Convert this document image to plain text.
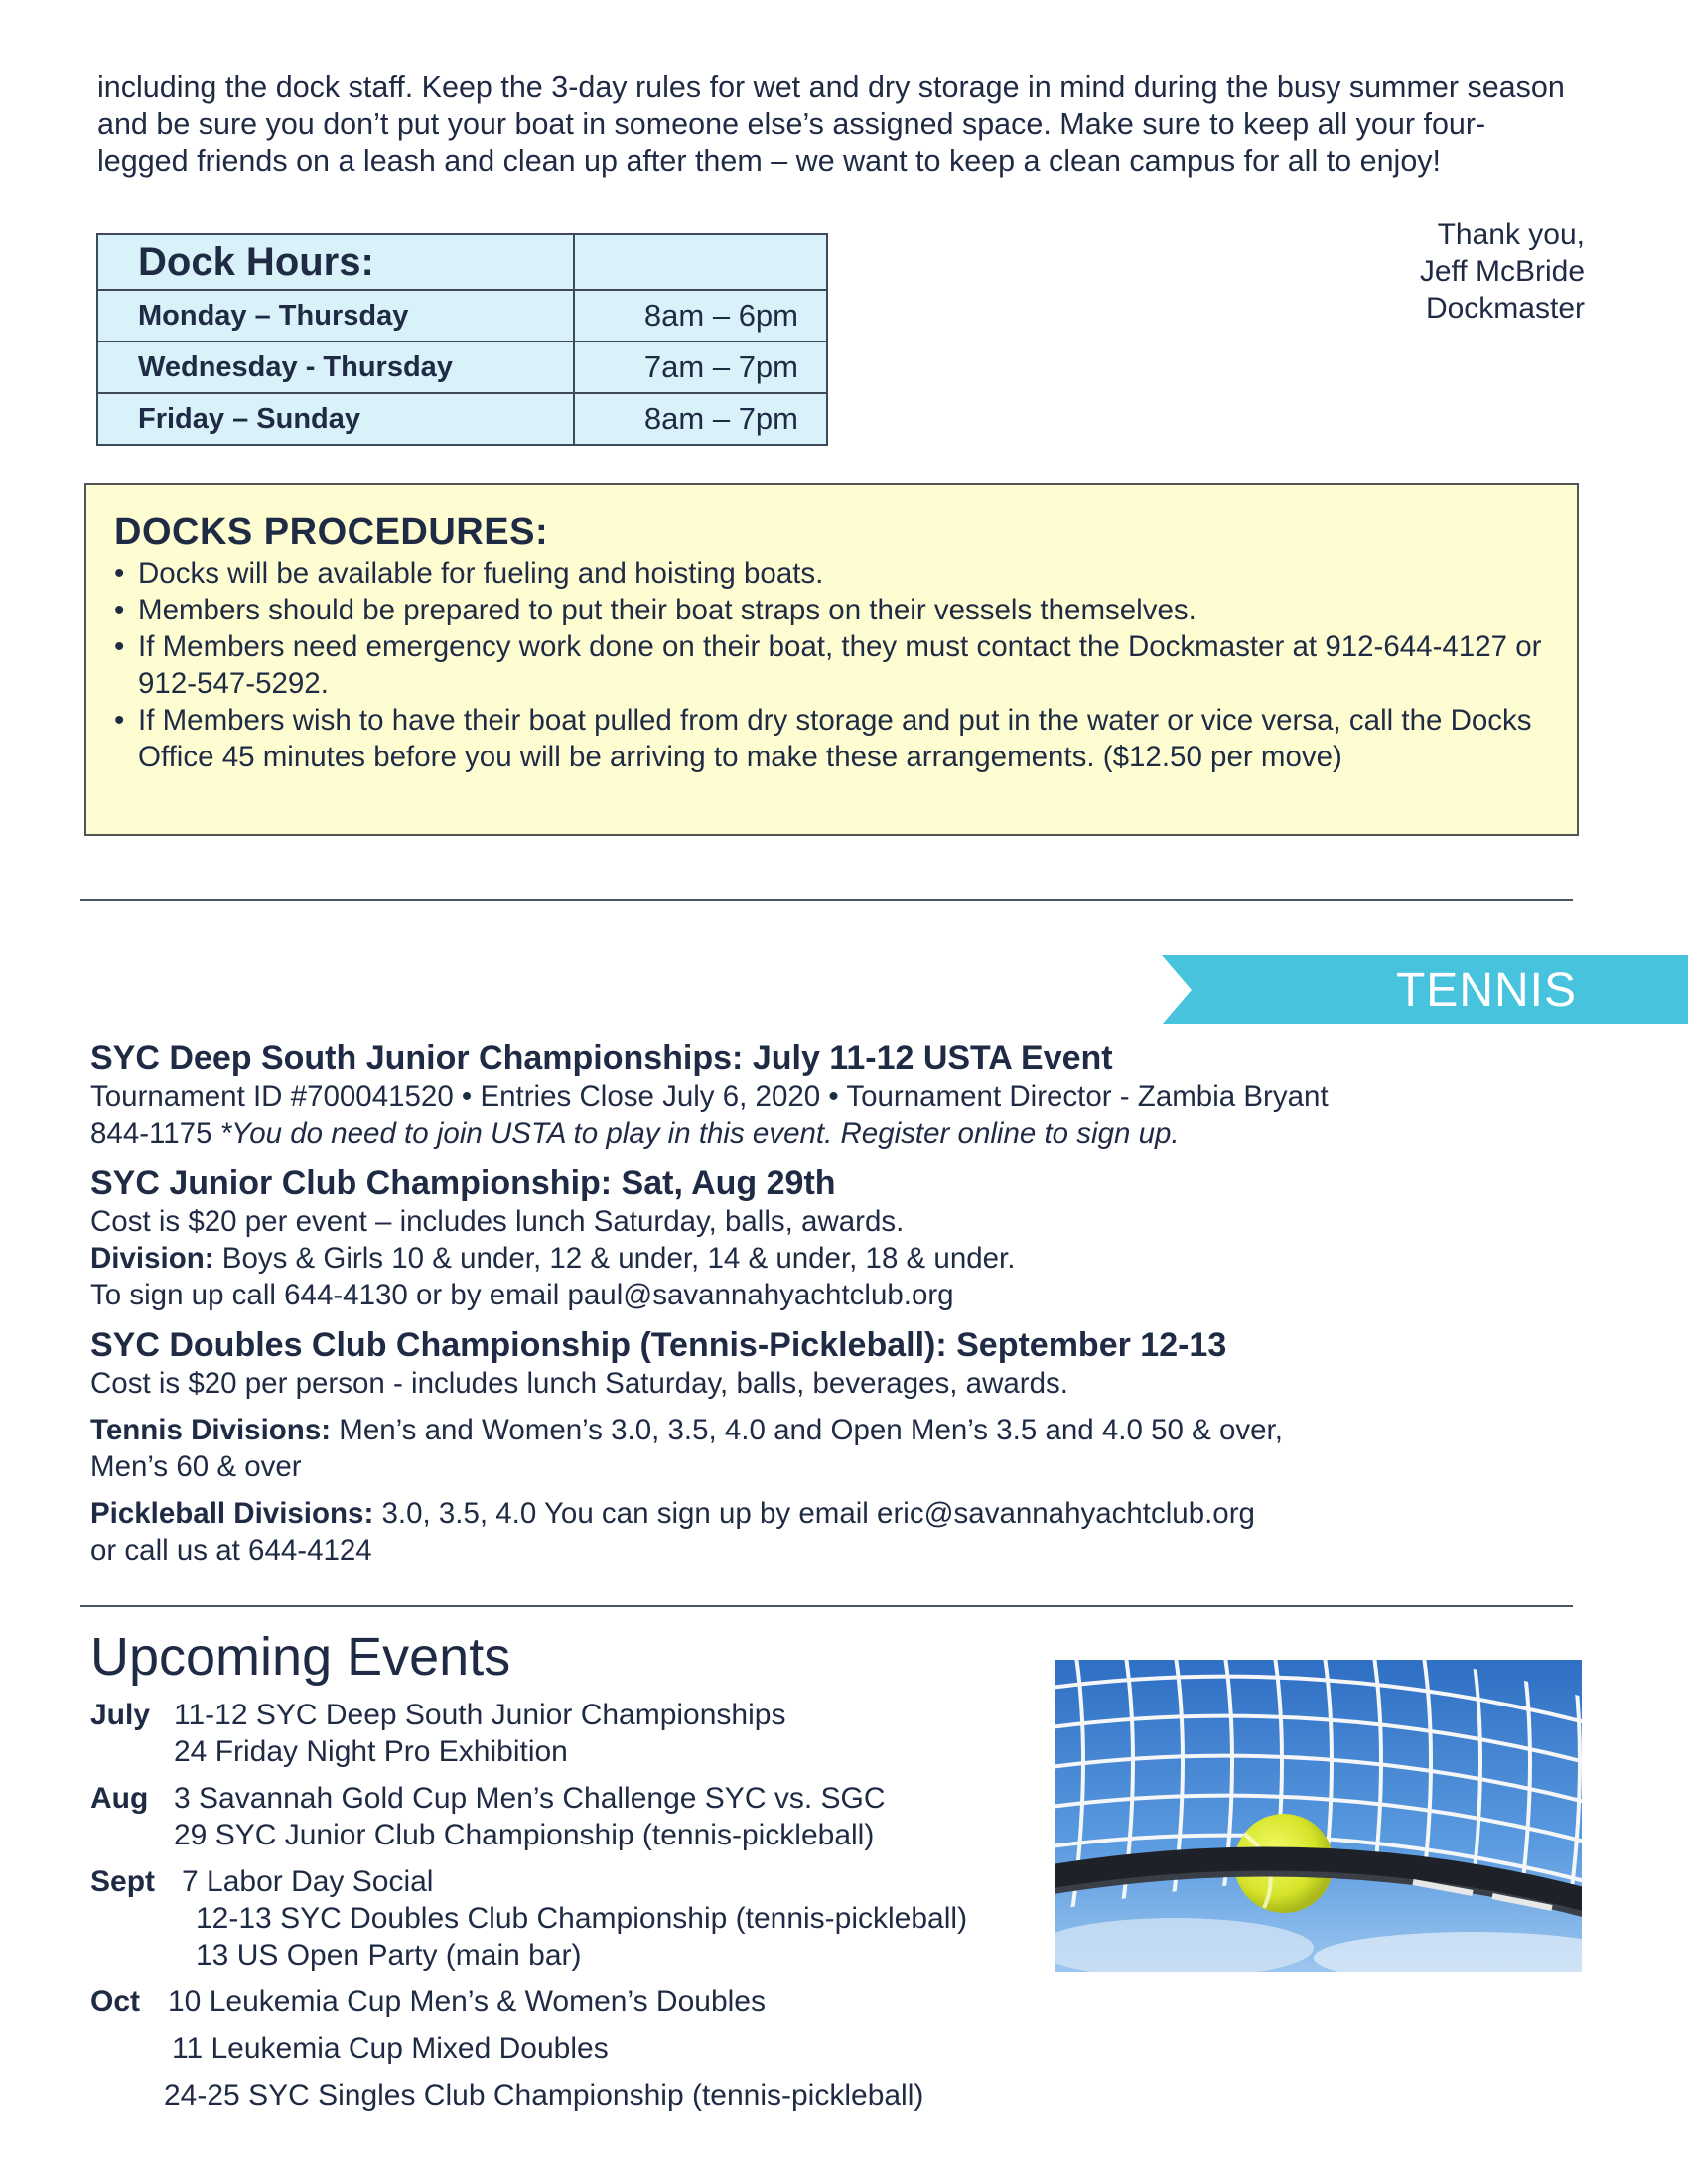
including the dock staff. Keep the 3-day rules for wet and dry storage in mind during the busy summer season and be sure you don’t put your boat in someone else’s assigned space. Make sure to keep all your four-legged friends on a leash and clean up after them – we want to keep a clean campus for all to enjoy!

Thank you,
Jeff McBride
Dockmaster
Dock Hours:	
Monday – Thursday	8am – 6pm
Wednesday - Thursday	7am – 7pm
Friday – Sunday	8am – 7pm
DOCKS PROCEDURES:
• Docks will be available for fueling and hoisting boats.
• Members should be prepared to put their boat straps on their vessels themselves.
• If Members need emergency work done on their boat, they must contact the Dockmaster at 912-644-4127 or 912-547-5292.
• If Members wish to have their boat pulled from dry storage and put in the water or vice versa, call the Docks Office 45 minutes before you will be arriving to make these arrangements. ($12.50 per move)
TENNIS

SYC Deep South Junior Championships: July 11-12 USTA Event

Tournament ID #700041520 • Entries Close July 6, 2020 • Tournament Director - Zambia Bryant

844-1175 *You do need to join USTA to play in this event. Register online to sign up.

SYC Junior Club Championship: Sat, Aug 29th

Cost is $20 per event – includes lunch Saturday, balls, awards.

Division: Boys & Girls 10 & under, 12 & under, 14 & under, 18 & under.

To sign up call 644-4130 or by email paul@savannahyachtclub.org

SYC Doubles Club Championship (Tennis-Pickleball): September 12-13

Cost is $20 per person - includes lunch Saturday, balls, beverages, awards.

Tennis Divisions: Men’s and Women’s 3.0, 3.5, 4.0 and Open Men’s 3.5 and 4.0 50 & over,

Men’s 60 & over

Pickleball Divisions: 3.0, 3.5, 4.0 You can sign up by email eric@savannahyachtclub.org

or call us at 644-4124

Upcoming Events
July 11-12 SYC Deep South Junior Championships
24 Friday Night Pro Exhibition
Aug 3 Savannah Gold Cup Men’s Challenge SYC vs. SGC
29 SYC Junior Club Championship (tennis-pickleball)
Sept 7 Labor Day Social
12-13 SYC Doubles Club Championship (tennis-pickleball)
13 US Open Party (main bar)
Oct 10 Leukemia Cup Men’s & Women’s Doubles
11 Leukemia Cup Mixed Doubles
24-25 SYC Singles Club Championship (tennis-pickleball)
